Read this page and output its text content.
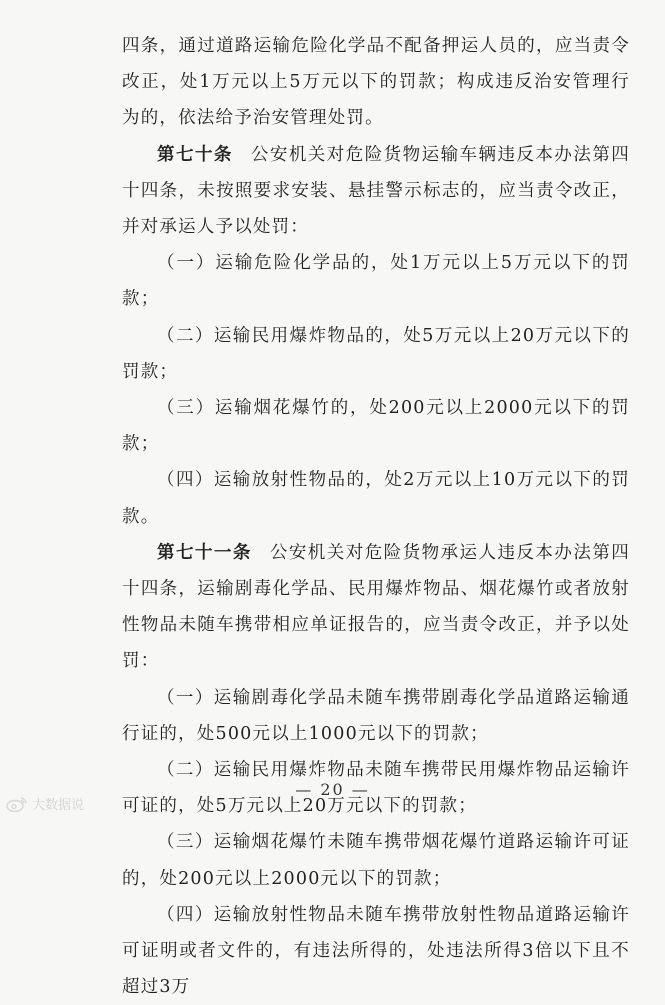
四条，通过道路运输危险化学品不配备押运人员的，应当责令改正，处1万元以上5万元以下的罚款；构成违反治安管理行为的，依法给予治安管理处罚。

第七十条 公安机关对危险货物运输车辆违反本办法第四十四条，未按照要求安装、悬挂警示标志的，应当责令改正，并对承运人予以处罚：

（一）运输危险化学品的，处1万元以上5万元以下的罚款；

（二）运输民用爆炸物品的，处5万元以上20万元以下的罚款；

（三）运输烟花爆竹的，处200元以上2000元以下的罚款；

（四）运输放射性物品的，处2万元以上10万元以下的罚款。

第七十一条 公安机关对危险货物承运人违反本办法第四十四条，运输剧毒化学品、民用爆炸物品、烟花爆竹或者放射性物品未随车携带相应单证报告的，应当责令改正，并予以处罚：

（一）运输剧毒化学品未随车携带剧毒化学品道路运输通行证的，处500元以上1000元以下的罚款；

（二）运输民用爆炸物品未随车携带民用爆炸物品运输许可证的，处5万元以上20万元以下的罚款；

（三）运输烟花爆竹未随车携带烟花爆竹道路运输许可证的，处200元以上2000元以下的罚款；

（四）运输放射性物品未随车携带放射性物品道路运输许可证明或者文件的，有违法所得的，处违法所得3倍以下且不超过3万

— 20 —
大数据说
